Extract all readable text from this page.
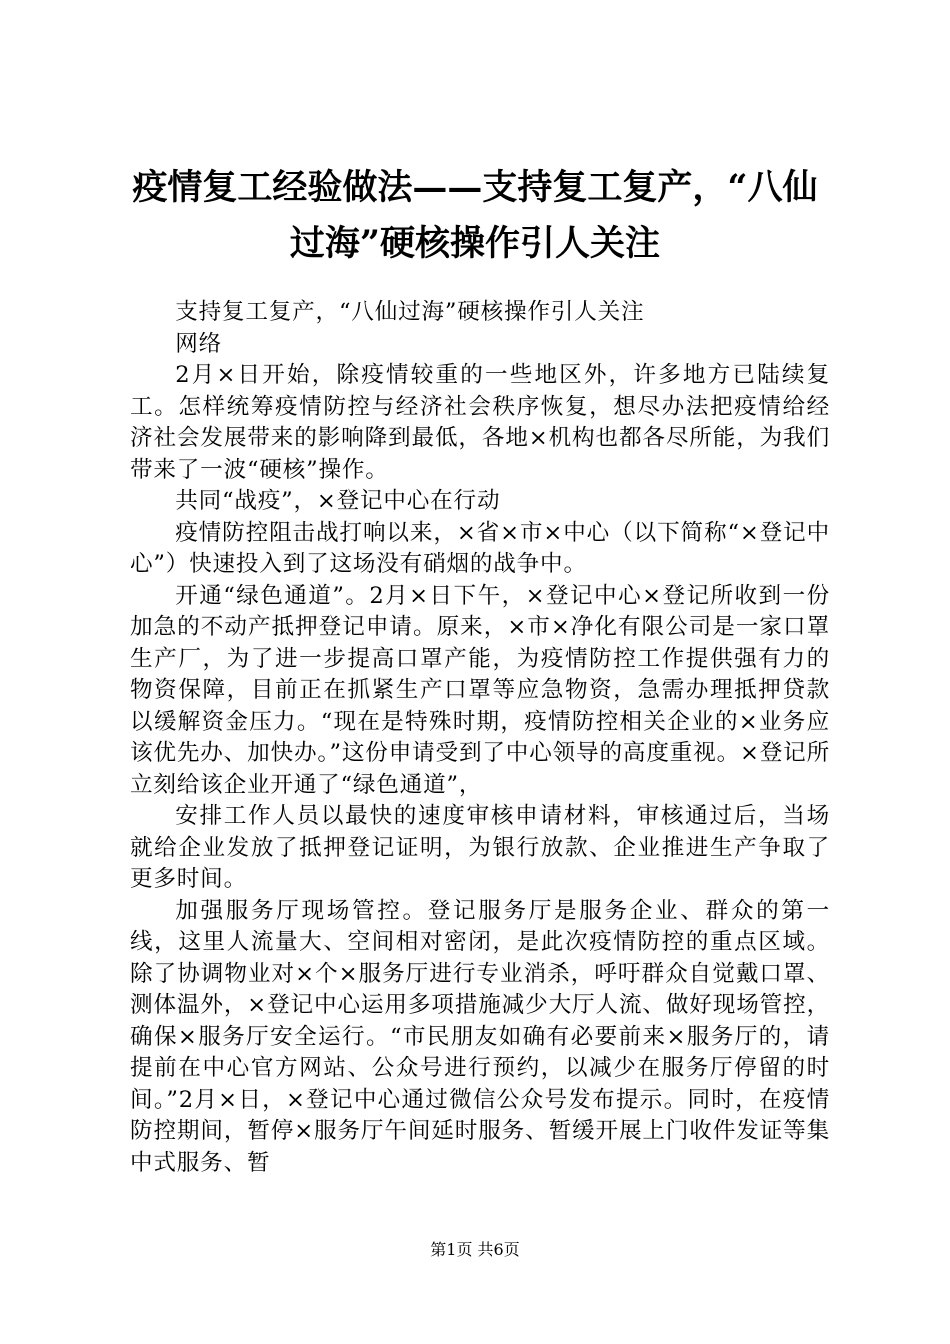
疫情复工经验做法——支持复工复产，“八仙
过海”硬核操作引人关注

支持复工复产，“八仙过海”硬核操作引人关注

网络

2月×日开始，除疫情较重的一些地区外，许多地方已陆续复工。怎样统筹疫情防控与经济社会秩序恢复，想尽办法把疫情给经济社会发展带来的影响降到最低，各地×机构也都各尽所能，为我们带来了一波“硬核”操作。

共同“战疫”，×登记中心在行动

疫情防控阻击战打响以来，×省×市×中心（以下简称“×登记中心”）快速投入到了这场没有硝烟的战争中。

开通“绿色通道”。2月×日下午，×登记中心×登记所收到一份加急的不动产抵押登记申请。原来，×市×净化有限公司是一家口罩生产厂，为了进一步提高口罩产能，为疫情防控工作提供强有力的物资保障，目前正在抓紧生产口罩等应急物资，急需办理抵押贷款以缓解资金压力。“现在是特殊时期，疫情防控相关企业的×业务应该优先办、加快办。”这份申请受到了中心领导的高度重视。×登记所立刻给该企业开通了“绿色通道”，

安排工作人员以最快的速度审核申请材料，审核通过后，当场就给企业发放了抵押登记证明，为银行放款、企业推进生产争取了更多时间。

加强服务厅现场管控。登记服务厅是服务企业、群众的第一线，这里人流量大、空间相对密闭，是此次疫情防控的重点区域。除了协调物业对×个×服务厅进行专业消杀，呼吁群众自觉戴口罩、测体温外，×登记中心运用多项措施减少大厅人流、做好现场管控，确保×服务厅安全运行。“市民朋友如确有必要前来×服务厅的，请提前在中心官方网站、公众号进行预约，以减少在服务厅停留的时间。”2月×日，×登记中心通过微信公众号发布提示。同时，在疫情防控期间，暂停×服务厅午间延时服务、暂缓开展上门收件发证等集中式服务、暂

第1页 共6页
